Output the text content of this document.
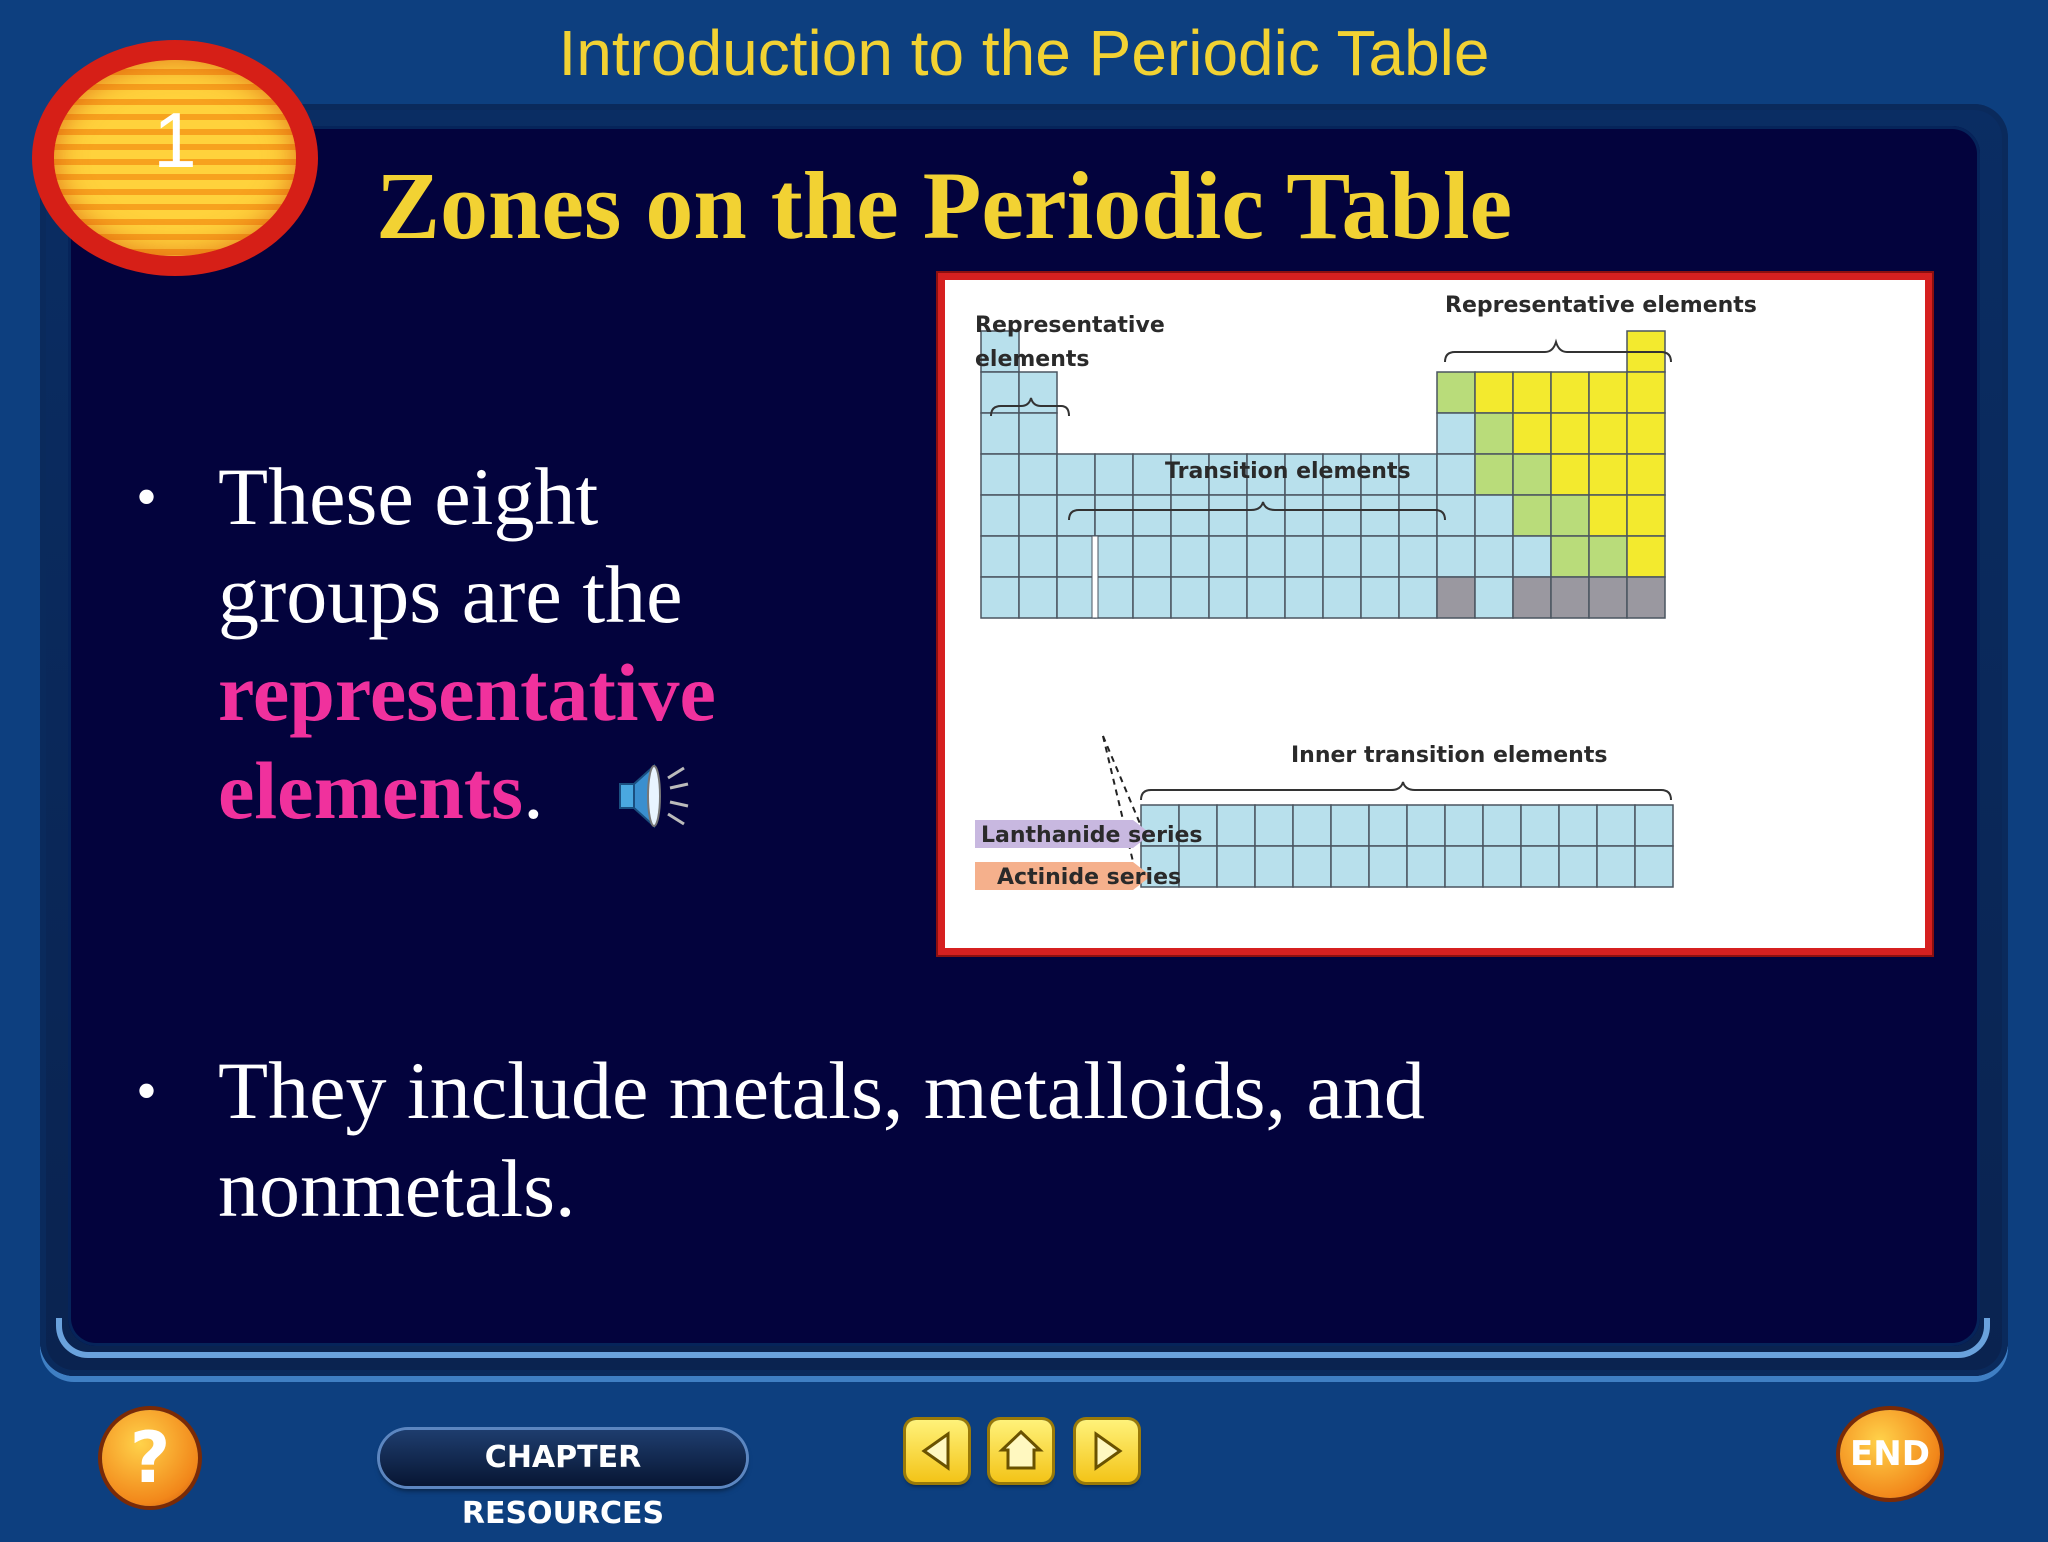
Introduction to the Periodic Table
1
Zones on the Periodic Table
• These eight groups are the representative elements.
• They include metals, metalloids, and nonmetals.
Representative
elements
Representative elements
Transition elements
Inner transition elements
Lanthanide series
Actinide series
?	CHAPTER RESOURCES
END
